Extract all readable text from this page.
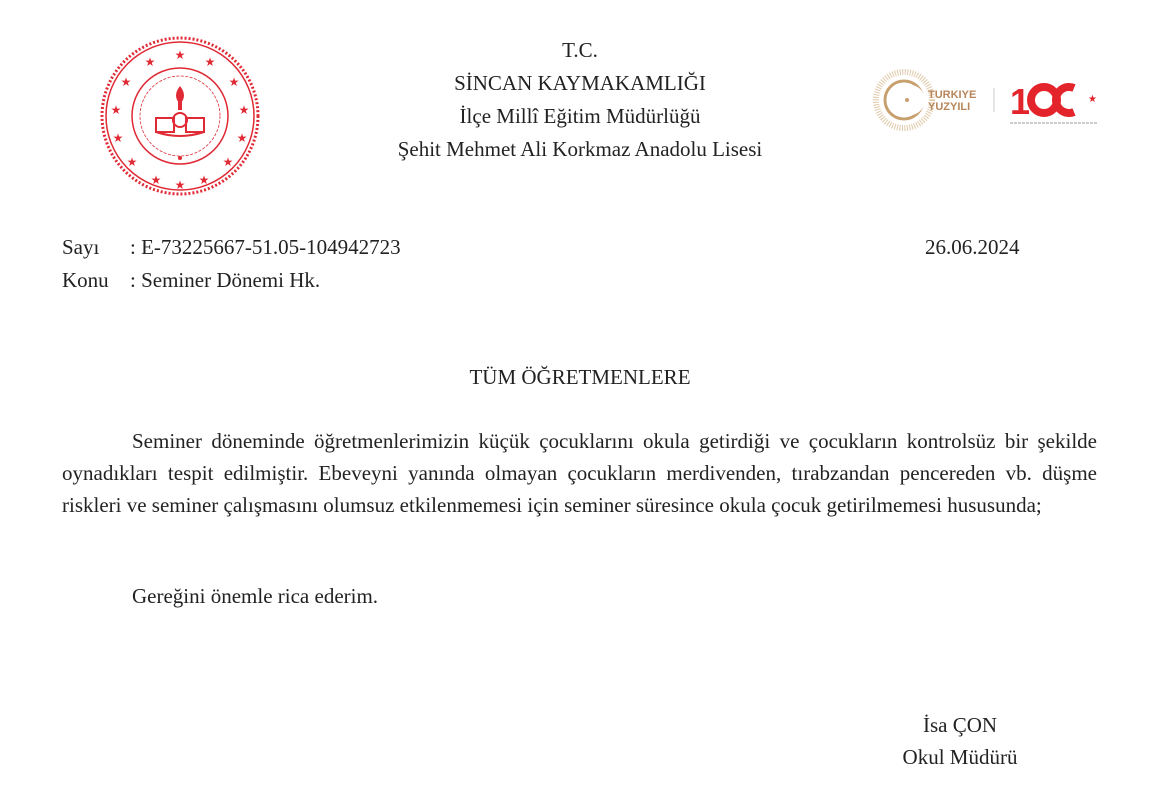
★
★	★
★	★
★	★
★	★
★	★
★	★
★
T.C.
SİNCAN KAYMAKAMLIĞI
İlçe Millî Eğitim Müdürlüğü
Şehit Mehmet Ali Korkmaz Anadolu Lisesi
TURKIYE
YUZYILI 1	★
Sayı : E-73225667-51.05-104942723
Konu : Seminer Dönemi Hk.
26.06.2024
TÜM ÖĞRETMENLERE
Seminer döneminde öğretmenlerimizin küçük çocuklarını okula getirdiği ve çocukların kontrolsüz bir şekilde oynadıkları tespit edilmiştir. Ebeveyni yanında olmayan çocukların merdivenden, tırabzandan pencereden vb. düşme riskleri ve seminer çalışmasını olumsuz etkilenmemesi için seminer süresince okula çocuk getirilmemesi hususunda;
Gereğini önemle rica ederim.
İsa ÇON
Okul Müdürü
